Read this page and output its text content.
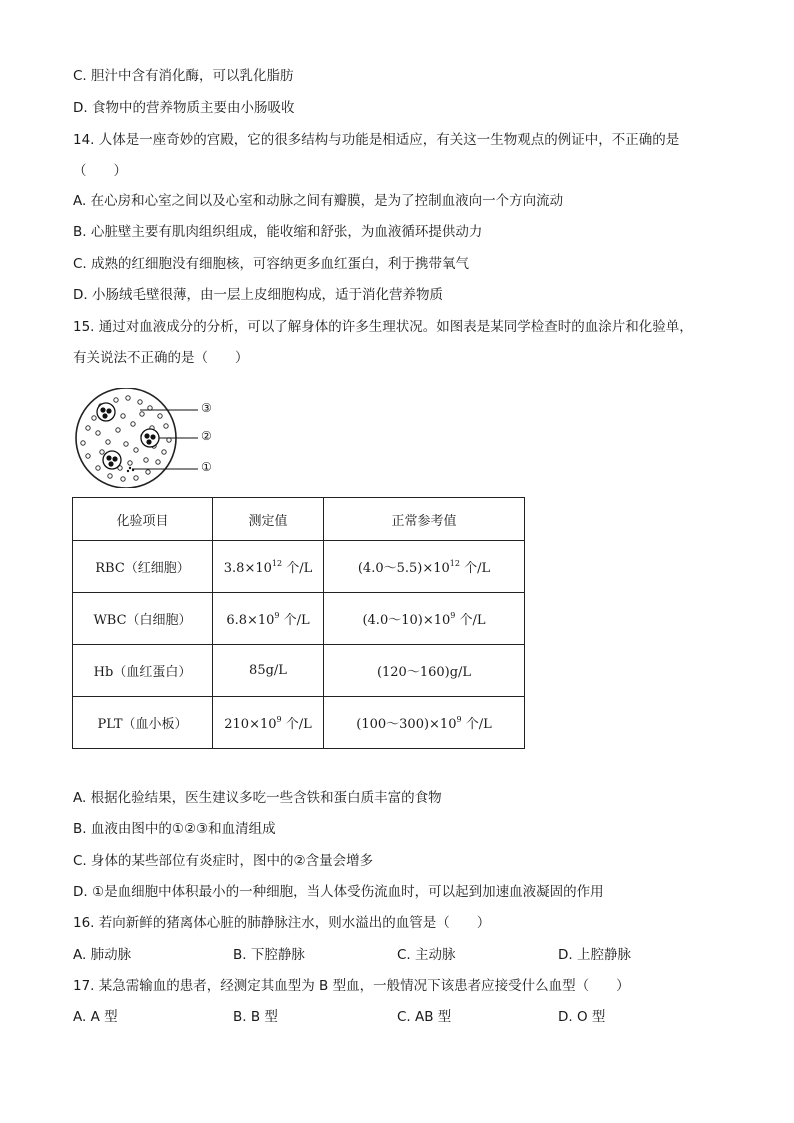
C. 胆汁中含有消化酶，可以乳化脂肪
D. 食物中的营养物质主要由小肠吸收
14. 人体是一座奇妙的宫殿，它的很多结构与功能是相适应，有关这一生物观点的例证中，不正确的是
（　　）
A. 在心房和心室之间以及心室和动脉之间有瓣膜，是为了控制血液向一个方向流动
B. 心脏壁主要有肌肉组织组成，能收缩和舒张，为血液循环提供动力
C. 成熟的红细胞没有细胞核，可容纳更多血红蛋白，利于携带氧气
D. 小肠绒毛壁很薄，由一层上皮细胞构成，适于消化营养物质
15. 通过对血液成分的分析，可以了解身体的许多生理状况。如图表是某同学检查时的血涂片和化验单，
有关说法不正确的是（　　）
③
②
①
化验项目	测定值	正常参考值
RBC（红细胞）	$3.8\times 10^{12}$ 个/L	$(4.0\sim 5.5)\times 10^{12}$ 个/L
WBC（白细胞）	$6.8\times 10^9$ 个/L	$(4.0\sim 10)\times 10^9$ 个/L
Hb（血红蛋白）	85g/L	(120～160)g/L
PLT（血小板）	$210\times 10^9$ 个/L	$(100\sim 300)\times 10^9$ 个/L
A. 根据化验结果，医生建议多吃一些含铁和蛋白质丰富的食物
B. 血液由图中的①②③和血清组成
C. 身体的某些部位有炎症时，图中的②含量会增多
D. ①是血细胞中体积最小的一种细胞，当人体受伤流血时，可以起到加速血液凝固的作用
16. 若向新鲜的猪离体心脏的肺静脉注水，则水溢出的血管是（　　）
A. 肺动脉	B. 下腔静脉	C. 主动脉	D. 上腔静脉
17. 某急需输血的患者，经测定其血型为 B 型血，一般情况下该患者应接受什么血型（　　）
A. A 型	B. B 型	C. AB 型	D. O 型
